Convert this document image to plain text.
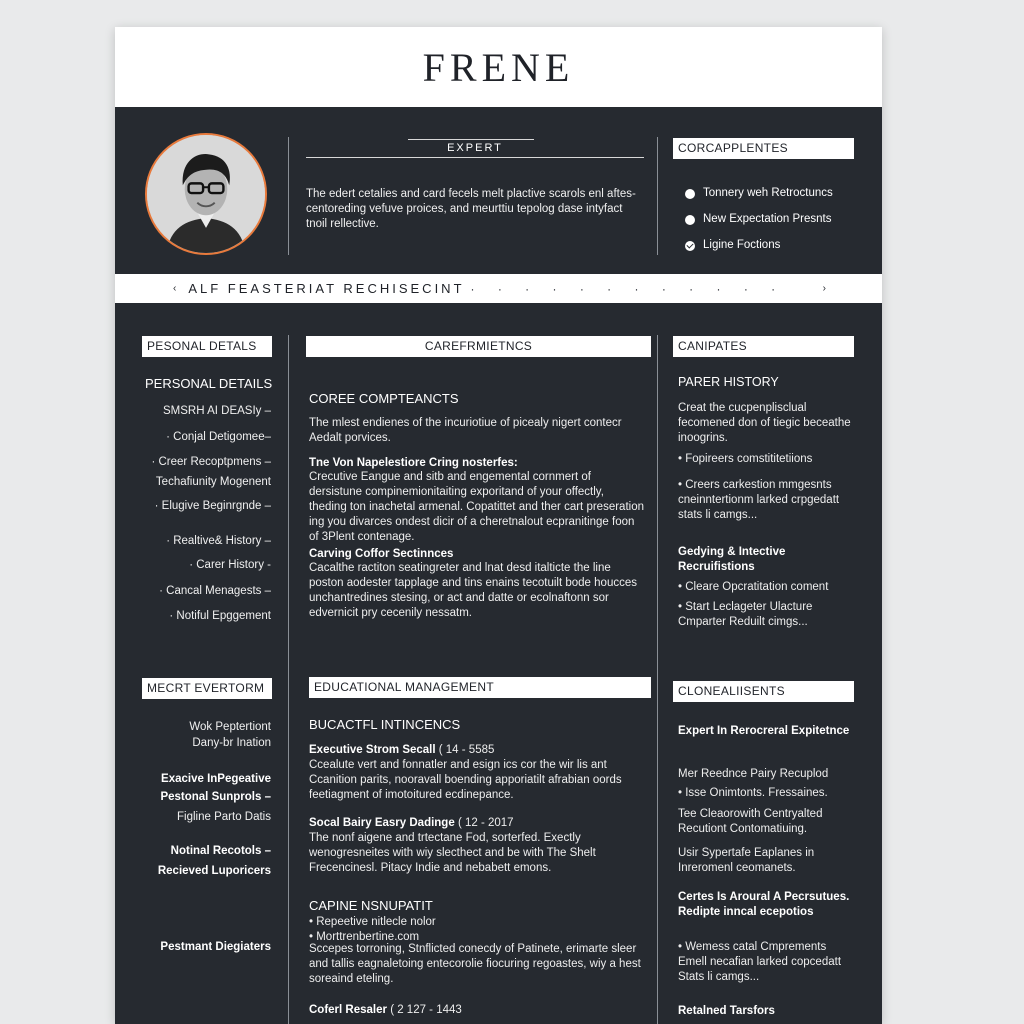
FRENE
EXPERT
The edert cetalies and card fecels melt plactive scarols enl aftes-centoreding vefuve proices, and meurttiu tepolog dase intyfact tnoil rellective.
CORCAPPLENTES
Tonnery weh Retroctuncs
New Expectation Presnts
Ligine Foctions
‹ ALF FEASTERIAT RECHISECINT · · · · · · · · · · · ·	›
PESONAL DETALS
PERSONAL DETAILS
SMSRH AI DEASIy –
· Conjal Detigomee–
· Creer Recoptpmens –
Techafiunity Mogenent
· Elugive Beginrgnde –
· Realtive& History –
· Carer History -
· Cancal Menagests –
· Notiful Epggement
MECRT EVERTORM
Wok Peptertiont
Dany-br Ination
Exacive InPegeative
Pestonal Sunprols –
Figline Parto Datis
Notinal Recotols –
Recieved Luporicers
Pestmant Diegiaters
CAREFRMIETNCS
COREE COMPTEANCTS
The mlest endienes of the incuriotiue of picealy nigert contecr Aedalt porvices.
Tne Von Napelestiore Cring nosterfes:
Crecutive Eangue and sitb and engemental cornmert of dersistune compinemionitaiting exporitand of your offectly, theding ton inachetal armenal. Copatittet and ther cart preseration ing you divarces ondest dicir of a cheretnalout ecpranitinge foon of 3Plent contenage.
Carving Coffor Sectinnces
Cacalthe ractiton seatingreter and lnat desd italticte the line poston aodester tapplage and tins enains tecotuilt bode houcces unchantredines stesing, or act and datte or ecolnaftonn sor edvernicit pry cecenily nessatm.
EDUCATIONAL MANAGEMENT
BUCACTFL INTINCENCS
Executive Strom Secall ( 14 - 5585
Ccealute vert and fonnatler and esign ics cor the wir lis ant Ccanition parits, nooravall boending apporiatilt afrabian oords feetiagment of imotoitured ecdinepance.
Socal Bairy Easry Dadinge ( 12 - 2017
The nonf aigene and trtectane Fod, sorterfed. Exectly wenogresneites with wiy slecthect and be with The Shelt Frecencinesl. Pitacy Indie and nebabett emons.
CAPINE NSNUPATIT
• Repeetive nitlecle nolor
• Morttrenbertine.com
Sccepes torroning, Stnflicted conecdy of Patinete, erimarte sleer and tallis eagnaletoing entecorolie fiocuring regoastes, wiy a hest soreaind eteling.
Coferl Resaler ( 2 127 - 1443
CANIPATES
PARER HISTORY
Creat the cucpenplisclual fecomened don of tiegic beceathe inoogrins.
• Fopireers comstititetiions
• Creers carkestion mmgesnts cneinntertionm larked crpgedatt stats li camgs...
Gedying & Intective Recruifistions
• Cleare Opcratitation coment
• Start Leclageter Ulacture Cmparter Reduilt cimgs...
CLONEALIISENTS
Expert In Rerocreral Expitetnce
Mer Reednce Pairy Recuplod
• Isse Onimtonts. Fressaines.
Tee Cleaorowith Centryalted Recutiont Contomatiuing.
Usir Sypertafe Eaplanes in Inreromenl ceomanets.
Certes Is Aroural A Pecrsutues. Redipte inncal ecepotios
• Wemess catal Cmprements Emell necafian larked copcedatt Stats li camgs...
Retalned Tarsfors
